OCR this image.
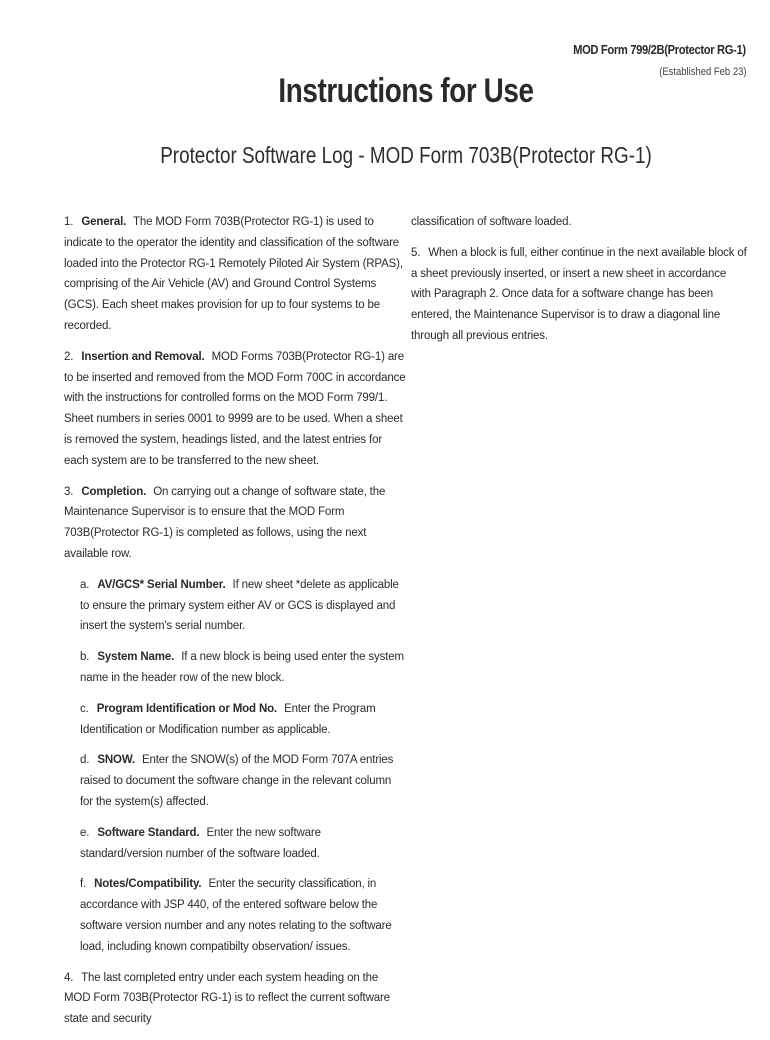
MOD Form 799/2B(Protector RG-1)
(Established Feb 23)
Instructions for Use
Protector Software Log - MOD Form 703B(Protector RG-1)
1. General. The MOD Form 703B(Protector RG-1) is used to indicate to the operator the identity and classification of the software loaded into the Protector RG-1 Remotely Piloted Air System (RPAS), comprising of the Air Vehicle (AV) and Ground Control Systems (GCS). Each sheet makes provision for up to four systems to be recorded.
2. Insertion and Removal. MOD Forms 703B(Protector RG-1) are to be inserted and removed from the MOD Form 700C in accordance with the instructions for controlled forms on the MOD Form 799/1. Sheet numbers in series 0001 to 9999 are to be used. When a sheet is removed the system, headings listed, and the latest entries for each system are to be transferred to the new sheet.
3. Completion. On carrying out a change of software state, the Maintenance Supervisor is to ensure that the MOD Form 703B(Protector RG-1) is completed as follows, using the next available row.
a. AV/GCS* Serial Number. If new sheet *delete as applicable to ensure the primary system either AV or GCS is displayed and insert the system's serial number.
b. System Name. If a new block is being used enter the system name in the header row of the new block.
c. Program Identification or Mod No. Enter the Program Identification or Modification number as applicable.
d. SNOW. Enter the SNOW(s) of the MOD Form 707A entries raised to document the software change in the relevant column for the system(s) affected.
e. Software Standard. Enter the new software standard/version number of the software loaded.
f. Notes/Compatibility. Enter the security classification, in accordance with JSP 440, of the entered software below the software version number and any notes relating to the software load, including known compatibilty observation/ issues.
4. The last completed entry under each system heading on the MOD Form 703B(Protector RG-1) is to reflect the current software state and security
classification of software loaded.
5. When a block is full, either continue in the next available block of a sheet previously inserted, or insert a new sheet in accordance with Paragraph 2. Once data for a software change has been entered, the Maintenance Supervisor is to draw a diagonal line through all previous entries.
